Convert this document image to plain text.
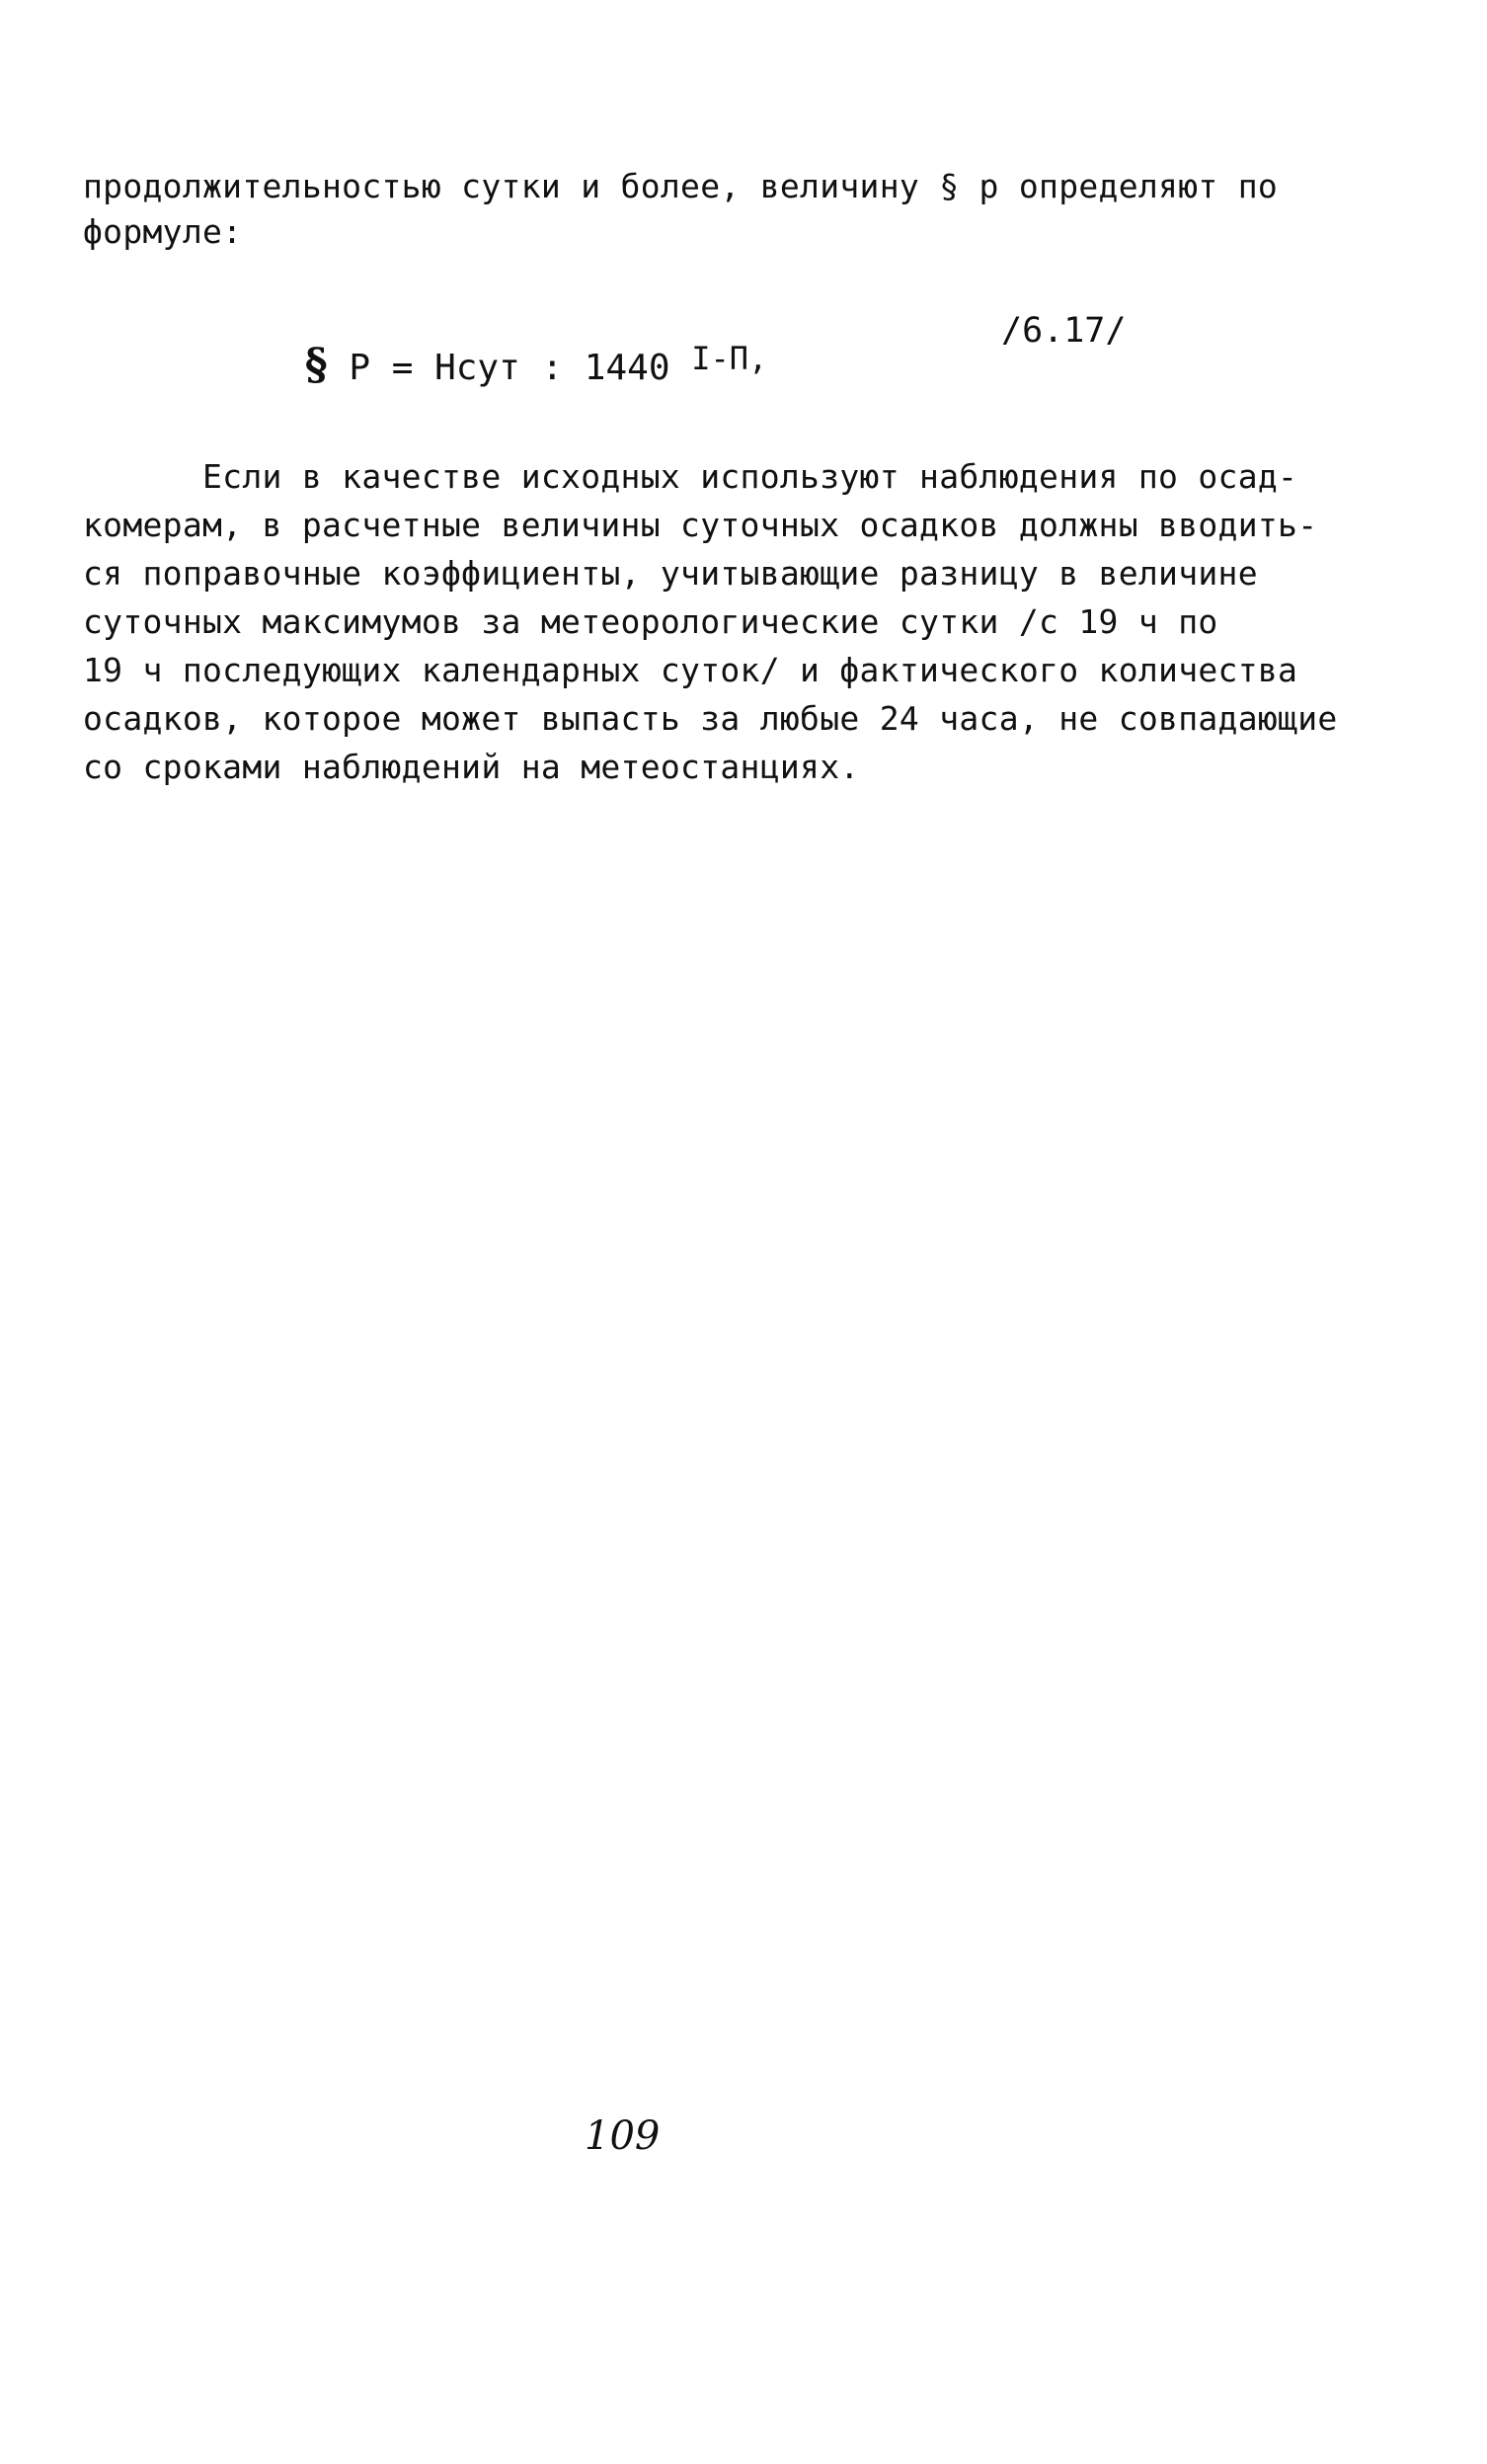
продолжительностью сутки и более, величину § р определяют по
формуле:

§ Р = Нсут : 1440 $^{I-П,}$

/6.17/
Если в качестве исходных используют наблюдения по осад-
комерам, в расчетные величины суточных осадков должны вводить-
ся поправочные коэффициенты, учитывающие разницу в величине
суточных максимумов за метеорологические сутки /с 19 ч по
19 ч последующих календарных суток/ и фактического количества
осадков, которое может выпасть за любые 24 часа, не совпадающие
со сроками наблюдений на метеостанциях.
109
